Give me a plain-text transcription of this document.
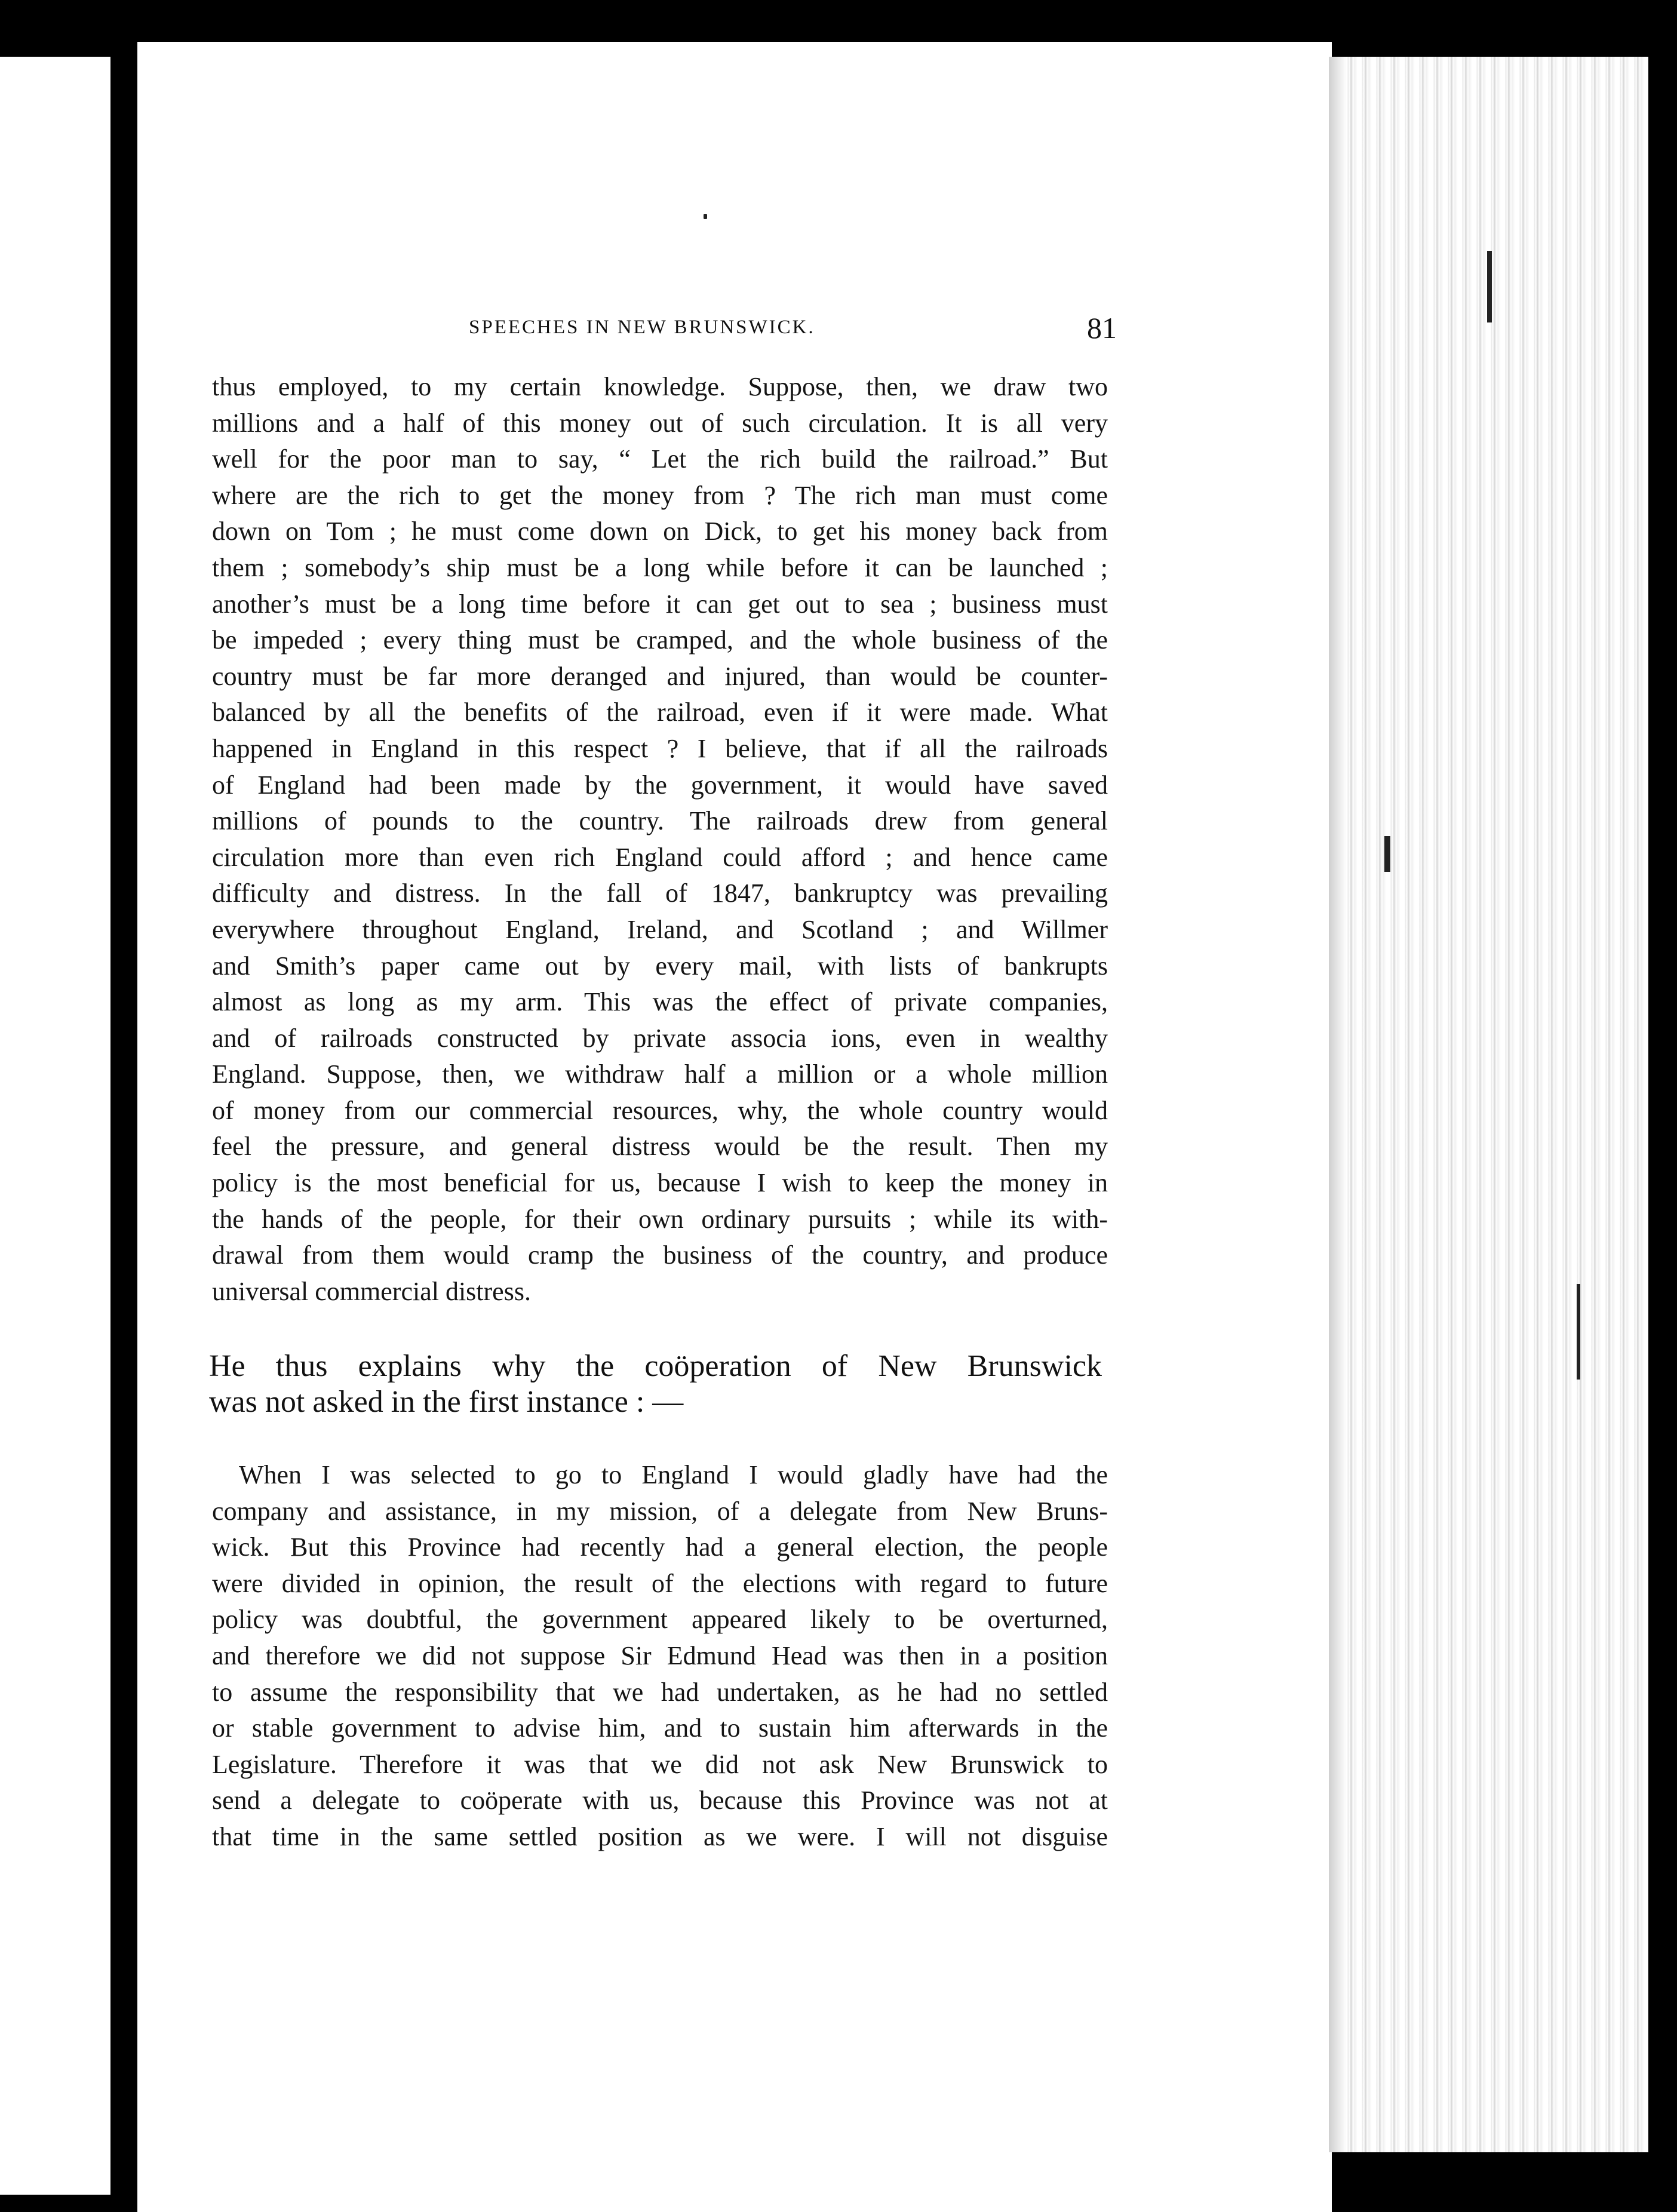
SPEECHES IN NEW BRUNSWICK.	81
thus employed, to my certain knowledge. Suppose, then, we draw two
millions and a half of this money out of such circulation. It is all very
well for the poor man to say, “ Let the rich build the railroad.” But
where are the rich to get the money from ? The rich man must come
down on Tom ; he must come down on Dick, to get his money back from
them ; somebody’s ship must be a long while before it can be launched ;
another’s must be a long time before it can get out to sea ; business must
be impeded ; every thing must be cramped, and the whole business of the
country must be far more deranged and injured, than would be counter-
balanced by all the benefits of the railroad, even if it were made. What
happened in England in this respect ? I believe, that if all the railroads
of England had been made by the government, it would have saved
millions of pounds to the country. The railroads drew from general
circulation more than even rich England could afford ; and hence came
difficulty and distress. In the fall of 1847, bankruptcy was prevailing
everywhere throughout England, Ireland, and Scotland ; and Willmer
and Smith’s paper came out by every mail, with lists of bankrupts
almost as long as my arm. This was the effect of private companies,
and of railroads constructed by private associa ions, even in wealthy
England. Suppose, then, we withdraw half a million or a whole million
of money from our commercial resources, why, the whole country would
feel the pressure, and general distress would be the result. Then my
policy is the most beneficial for us, because I wish to keep the money in
the hands of the people, for their own ordinary pursuits ; while its with-
drawal from them would cramp the business of the country, and produce
universal commercial distress.
He thus explains why the coöperation of New Brunswick
was not asked in the first instance : —
When I was selected to go to England I would gladly have had the
company and assistance, in my mission, of a delegate from New Bruns-
wick. But this Province had recently had a general election, the people
were divided in opinion, the result of the elections with regard to future
policy was doubtful, the government appeared likely to be overturned,
and therefore we did not suppose Sir Edmund Head was then in a position
to assume the responsibility that we had undertaken, as he had no settled
or stable government to advise him, and to sustain him afterwards in the
Legislature. Therefore it was that we did not ask New Brunswick to
send a delegate to coöperate with us, because this Province was not at
that time in the same settled position as we were. I will not disguise
